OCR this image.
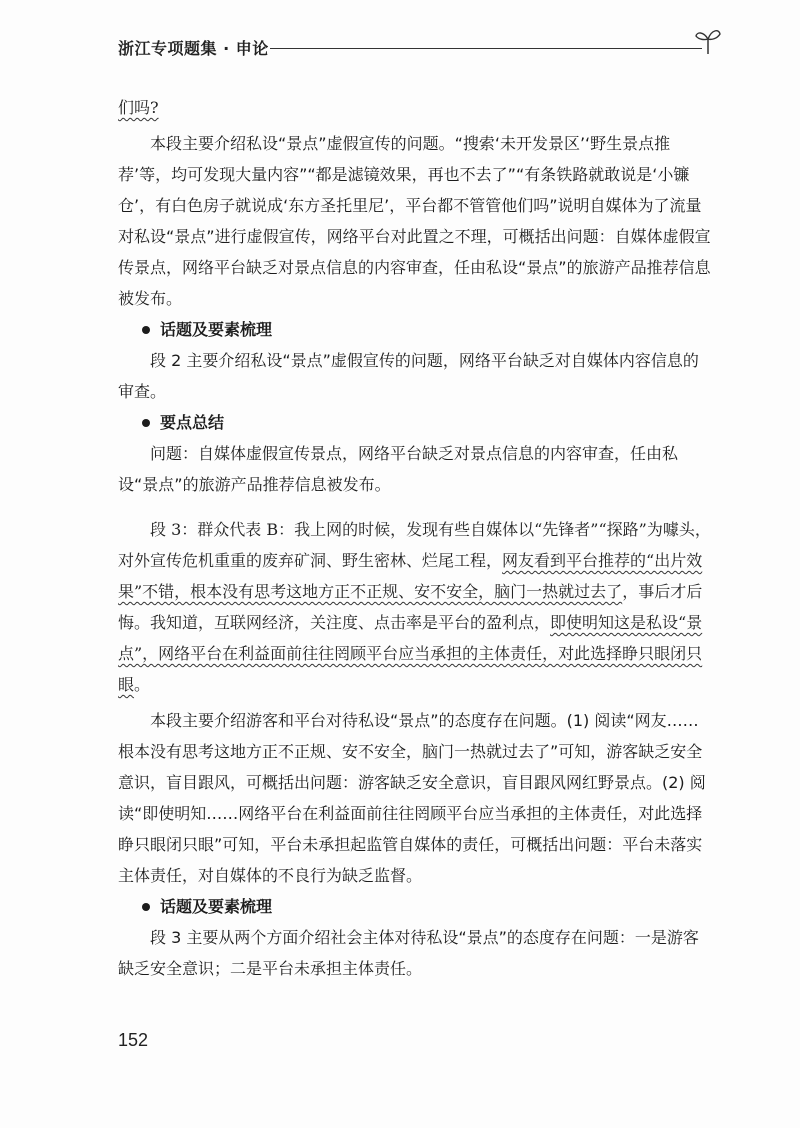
浙江专项题集 · 申论

们吗?

本段主要介绍私设“景点”虚假宣传的问题。“搜索‘未开发景区’‘野生景点推荐’等，均可发现大量内容”“都是滤镜效果，再也不去了”“有条铁路就敢说是‘小镰仓’，有白色房子就说成‘东方圣托里尼’，平台都不管管他们吗”说明自媒体为了流量对私设“景点”进行虚假宣传，网络平台对此置之不理，可概括出问题：自媒体虚假宣传景点，网络平台缺乏对景点信息的内容审查，任由私设“景点”的旅游产品推荐信息被发布。

话题及要素梳理

段 2 主要介绍私设“景点”虚假宣传的问题，网络平台缺乏对自媒体内容信息的审查。

要点总结

问题：自媒体虚假宣传景点，网络平台缺乏对景点信息的内容审查，任由私设“景点”的旅游产品推荐信息被发布。

段 3：群众代表 B：我上网的时候，发现有些自媒体以“先锋者”“探路”为噱头，对外宣传危机重重的废弃矿洞、野生密林、烂尾工程，网友看到平台推荐的“出片效果”不错，根本没有思考这地方正不正规、安不安全，脑门一热就过去了，事后才后悔。我知道，互联网经济，关注度、点击率是平台的盈利点，即使明知这是私设“景点”，网络平台在利益面前往往罔顾平台应当承担的主体责任，对此选择睁只眼闭只眼。

本段主要介绍游客和平台对待私设“景点”的态度存在问题。(1) 阅读“网友……根本没有思考这地方正不正规、安不安全，脑门一热就过去了”可知，游客缺乏安全意识，盲目跟风，可概括出问题：游客缺乏安全意识，盲目跟风网红野景点。(2) 阅读“即使明知……网络平台在利益面前往往罔顾平台应当承担的主体责任，对此选择睁只眼闭只眼”可知，平台未承担起监管自媒体的责任，可概括出问题：平台未落实主体责任，对自媒体的不良行为缺乏监督。

话题及要素梳理

段 3 主要从两个方面介绍社会主体对待私设“景点”的态度存在问题：一是游客缺乏安全意识；二是平台未承担主体责任。

152
